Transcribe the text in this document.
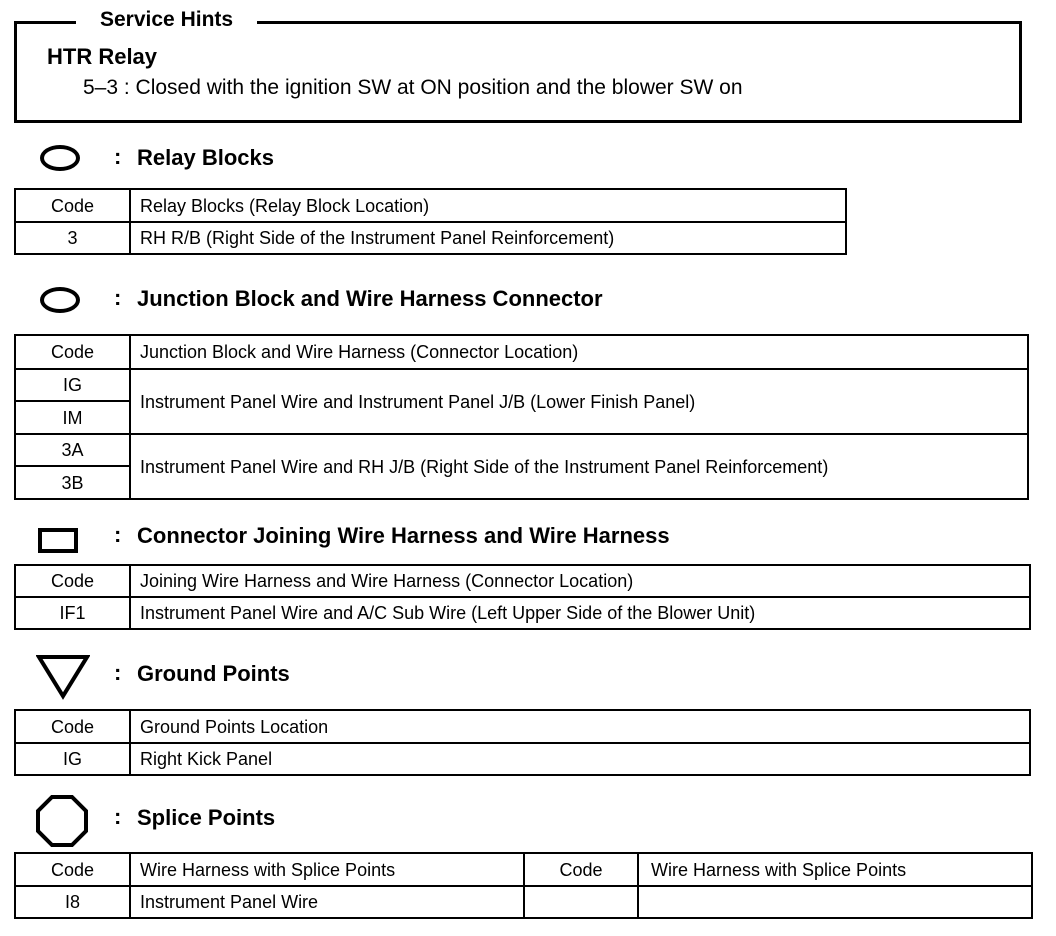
Service Hints
HTR Relay
5–3 : Closed with the ignition SW at ON position and the blower SW on
: Relay Blocks
Code	Relay Blocks (Relay Block Location)
3	RH R/B (Right Side of the Instrument Panel Reinforcement)
: Junction Block and Wire Harness Connector
Code	Junction Block and Wire Harness (Connector Location)
IG	Instrument Panel Wire and Instrument Panel J/B (Lower Finish Panel)
IM	
3A	Instrument Panel Wire and RH J/B (Right Side of the Instrument Panel Reinforcement)
3B	
: Connector Joining Wire Harness and Wire Harness
Code	Joining Wire Harness and Wire Harness (Connector Location)
IF1	Instrument Panel Wire and A/C Sub Wire (Left Upper Side of the Blower Unit)
: Ground Points
Code	Ground Points Location
IG	Right Kick Panel
: Splice Points
Code	Wire Harness with Splice Points	Code	Wire Harness with Splice Points
I8	Instrument Panel Wire		
